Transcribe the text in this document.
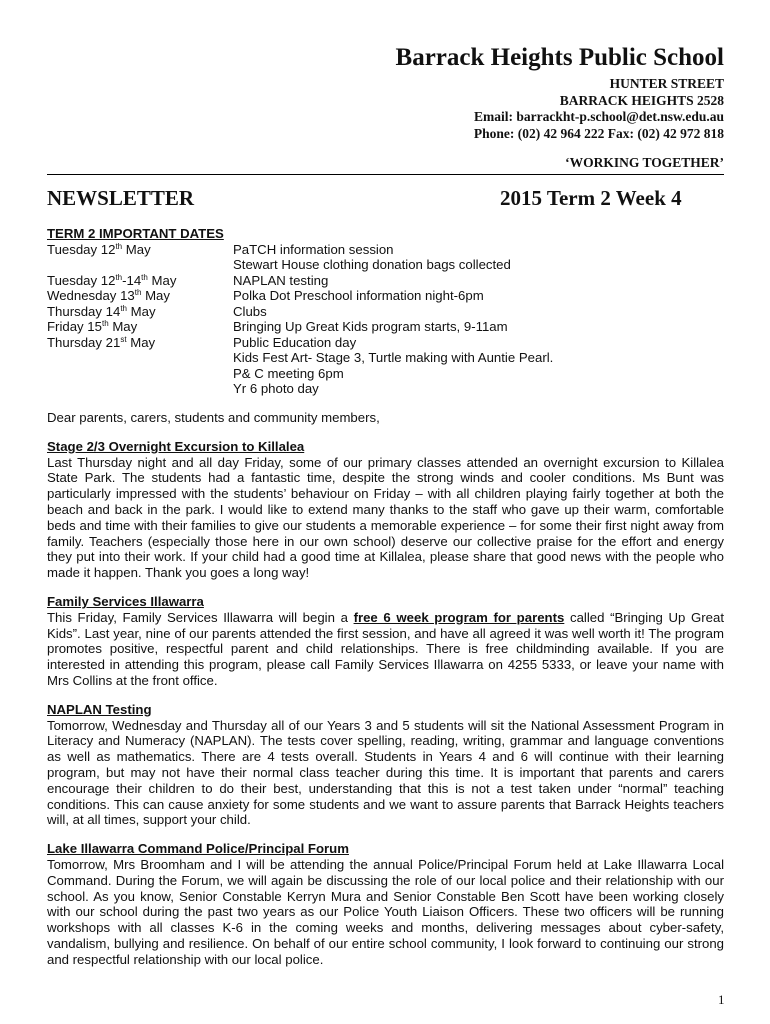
Barrack Heights Public School
HUNTER STREET
BARRACK HEIGHTS 2528
Email: barrackht-p.school@det.nsw.edu.au
Phone: (02) 42 964 222 Fax: (02) 42 972 818
‘WORKING TOGETHER’
NEWSLETTER	2015 Term 2 Week 4
TERM 2 IMPORTANT DATES
Tuesday 12th May	PaTCH information session
Stewart House clothing donation bags collected
Tuesday 12th-14th May	NAPLAN testing
Wednesday 13th May	Polka Dot Preschool information night-6pm
Thursday 14th May	Clubs
Friday 15th May	Bringing Up Great Kids program starts, 9-11am
Thursday 21st May	Public Education day
Kids Fest Art- Stage 3, Turtle making with Auntie Pearl.
P& C meeting 6pm
Yr 6 photo day

Dear parents, carers, students and community members,

Stage 2/3 Overnight Excursion to Killalea

Last Thursday night and all day Friday, some of our primary classes attended an overnight excursion to Killalea State Park. The students had a fantastic time, despite the strong winds and cooler conditions. Ms Bunt was particularly impressed with the students’ behaviour on Friday – with all children playing fairly together at both the beach and back in the park. I would like to extend many thanks to the staff who gave up their warm, comfortable beds and time with their families to give our students a memorable experience – for some their first night away from family. Teachers (especially those here in our own school) deserve our collective praise for the effort and energy they put into their work. If your child had a good time at Killalea, please share that good news with the people who made it happen. Thank you goes a long way!

Family Services Illawarra

This Friday, Family Services Illawarra will begin a free 6 week program for parents called “Bringing Up Great Kids”. Last year, nine of our parents attended the first session, and have all agreed it was well worth it! The program promotes positive, respectful parent and child relationships. There is free childminding available. If you are interested in attending this program, please call Family Services Illawarra on 4255 5333, or leave your name with Mrs Collins at the front office.

NAPLAN Testing

Tomorrow, Wednesday and Thursday all of our Years 3 and 5 students will sit the National Assessment Program in Literacy and Numeracy (NAPLAN). The tests cover spelling, reading, writing, grammar and language conventions as well as mathematics. There are 4 tests overall. Students in Years 4 and 6 will continue with their learning program, but may not have their normal class teacher during this time. It is important that parents and carers encourage their children to do their best, understanding that this is not a test taken under “normal” teaching conditions. This can cause anxiety for some students and we want to assure parents that Barrack Heights teachers will, at all times, support your child.

Lake Illawarra Command Police/Principal Forum

Tomorrow, Mrs Broomham and I will be attending the annual Police/Principal Forum held at Lake Illawarra Local Command. During the Forum, we will again be discussing the role of our local police and their relationship with our school. As you know, Senior Constable Kerryn Mura and Senior Constable Ben Scott have been working closely with our school during the past two years as our Police Youth Liaison Officers. These two officers will be running workshops with all classes K-6 in the coming weeks and months, delivering messages about cyber-safety, vandalism, bullying and resilience. On behalf of our entire school community, I look forward to continuing our strong and respectful relationship with our local police.

1
